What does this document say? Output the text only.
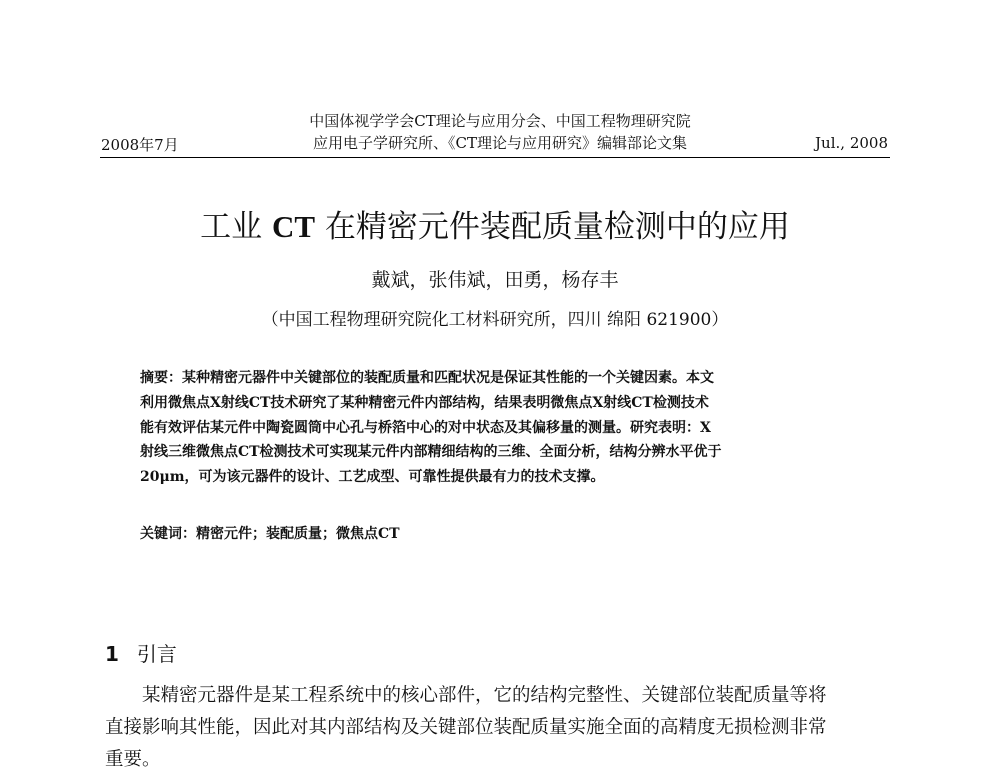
中国体视学学会CT理论与应用分会、中国工程物理研究院
应用电子学研究所、《CT理论与应用研究》编辑部论文集
2008年7月	Jul., 2008
工业 CT 在精密元件装配质量检测中的应用
戴斌，张伟斌，田勇，杨存丰
（中国工程物理研究院化工材料研究所，四川 绵阳 621900）
摘要：某种精密元器件中关键部位的装配质量和匹配状况是保证其性能的一个关键因素。本文
利用微焦点X射线CT技术研究了某种精密元件内部结构，结果表明微焦点X射线CT检测技术
能有效评估某元件中陶瓷圆筒中心孔与桥箔中心的对中状态及其偏移量的测量。研究表明：X
射线三维微焦点CT检测技术可实现某元件内部精细结构的三维、全面分析，结构分辨水平优于
20μm，可为该元器件的设计、工艺成型、可靠性提供最有力的技术支撑。
关键词：精密元件；装配质量；微焦点CT
1 引言
某精密元器件是某工程系统中的核心部件，它的结构完整性、关键部位装配质量等将
直接影响其性能，因此对其内部结构及关键部位装配质量实施全面的高精度无损检测非常
重要。
